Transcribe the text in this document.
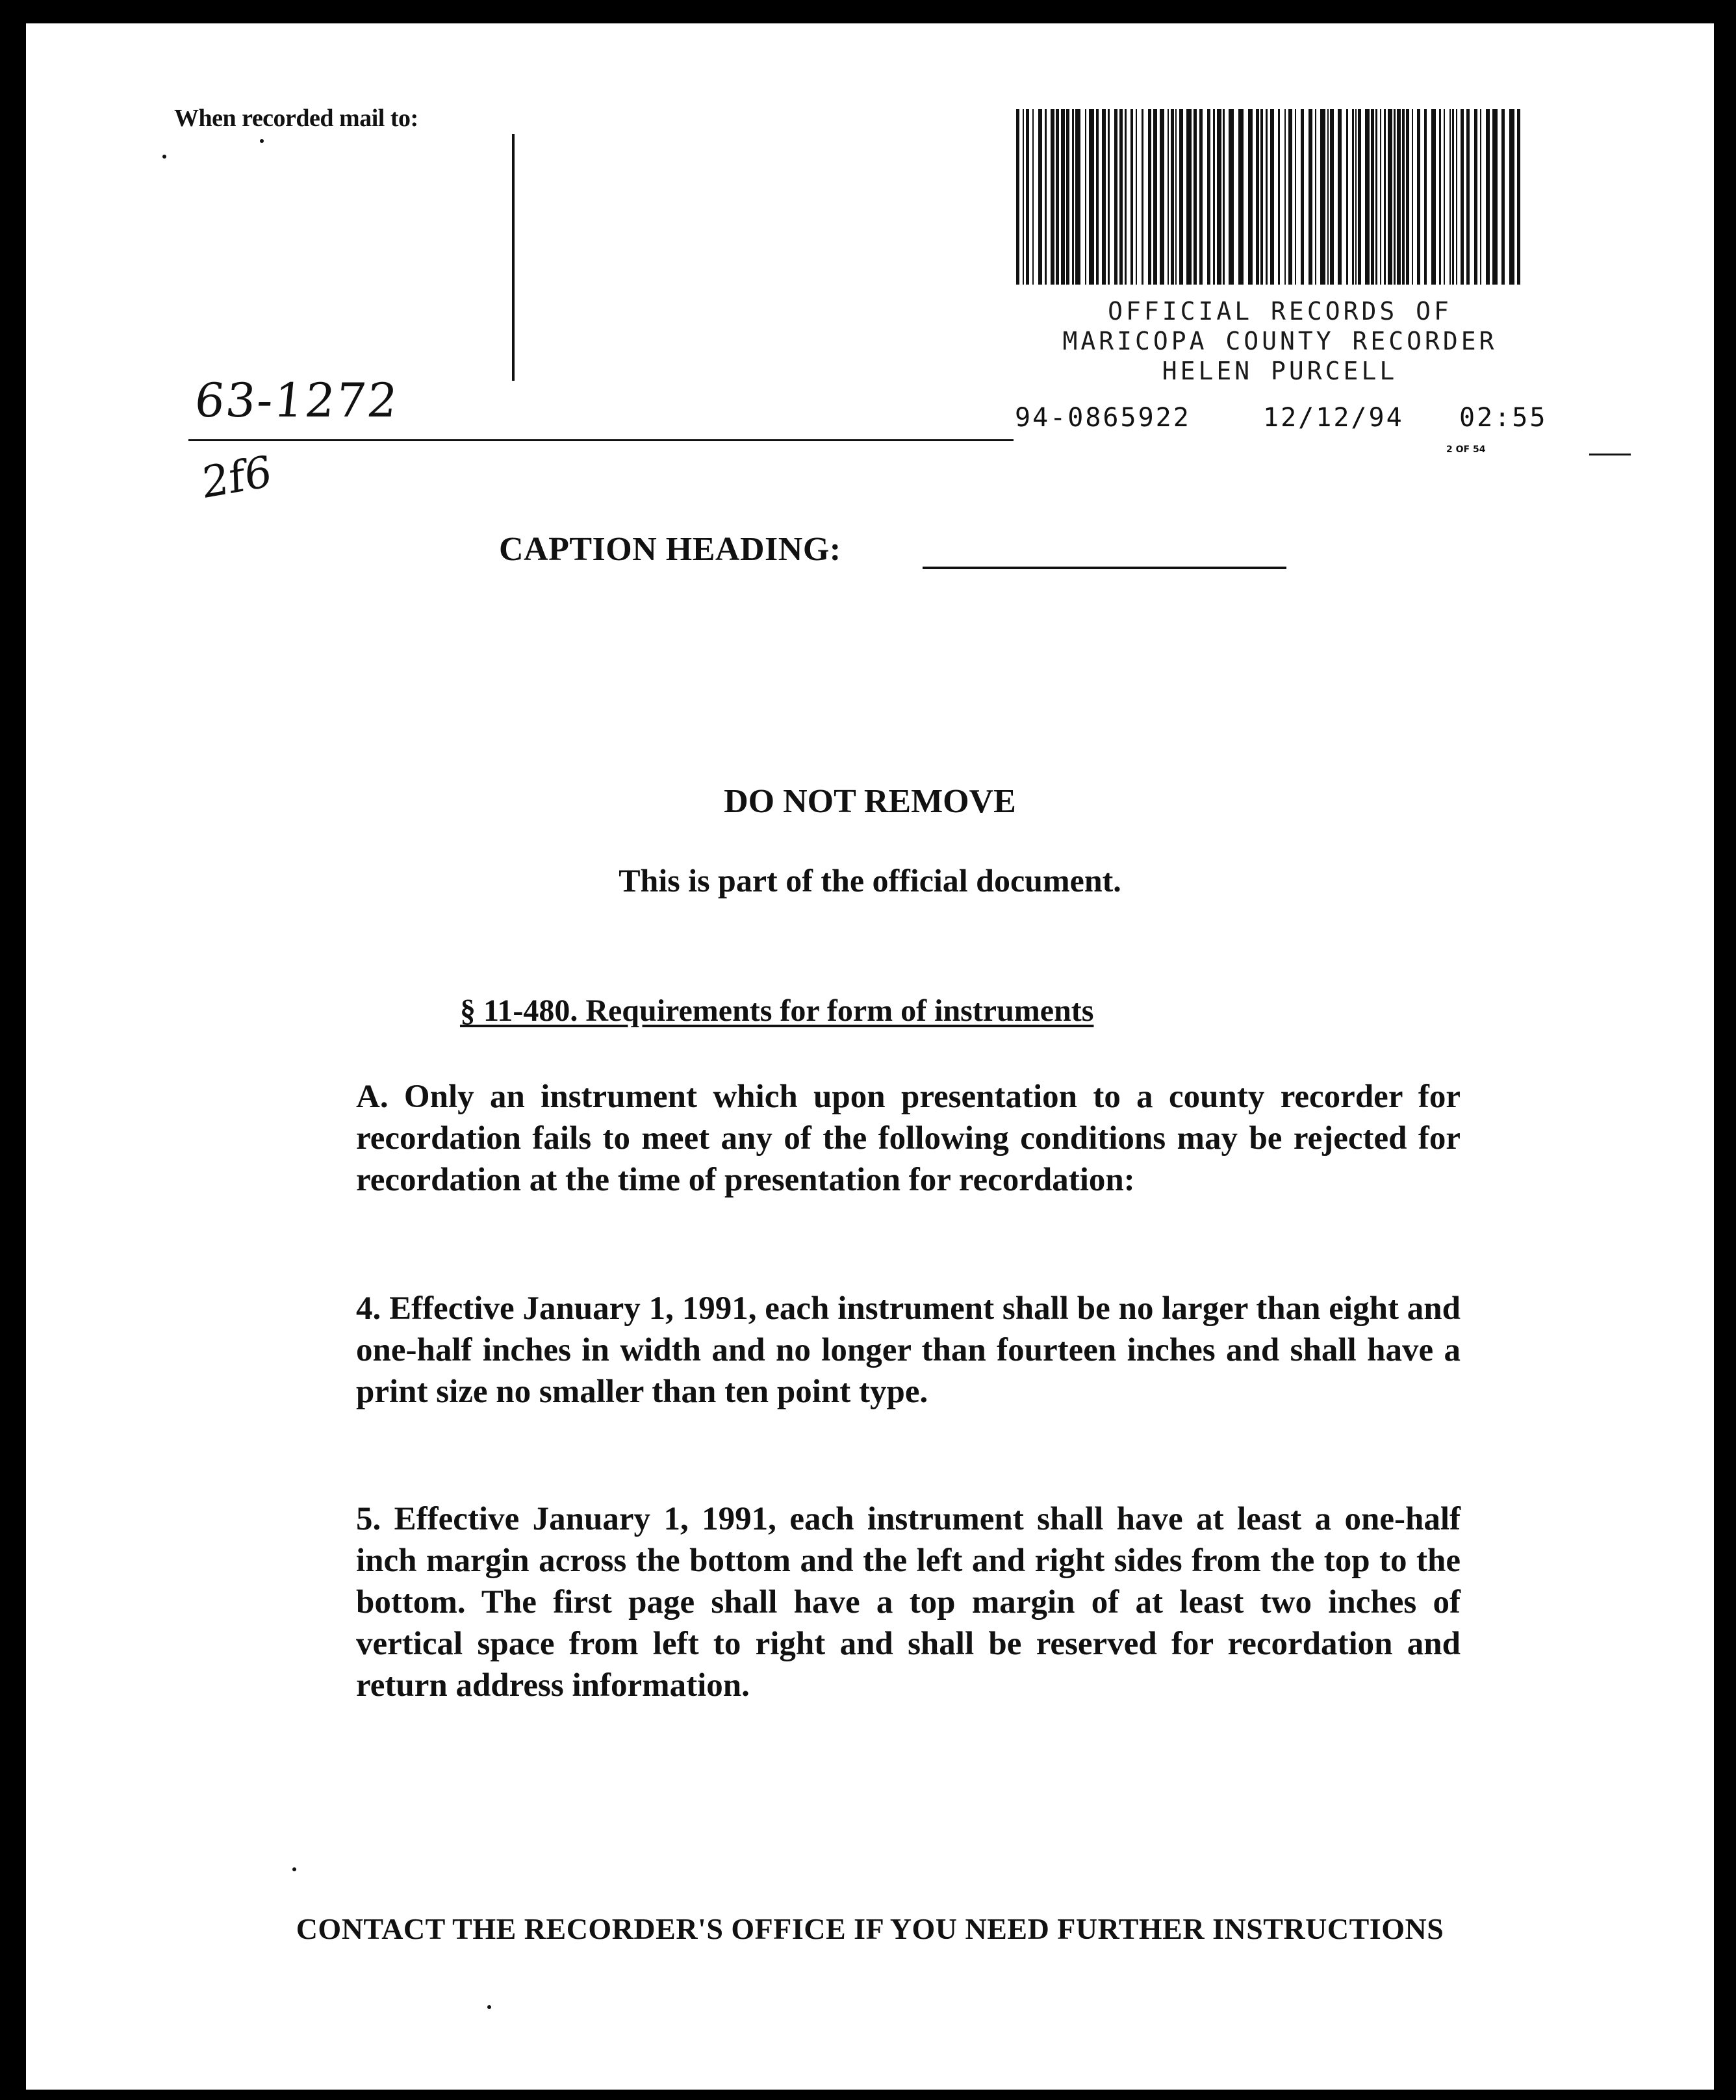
When recorded mail to:
OFFICIAL RECORDS OF
MARICOPA COUNTY RECORDER
HELEN PURCELL
94-0865922	12/12/94 02:55
2 OF 54
63-1272
2f6
CAPTION HEADING:
DO NOT REMOVE
This is part of the official document.
§ 11-480. Requirements for form of instruments
A. Only an instrument which upon presentation to a county recorder for recordation fails to meet any of the following conditions may be rejected for recordation at the time of presentation for recordation:
4. Effective January 1, 1991, each instrument shall be no larger than eight and one-half inches in width and no longer than fourteen inches and shall have a print size no smaller than ten point type.
5. Effective January 1, 1991, each instrument shall have at least a one-half inch margin across the bottom and the left and right sides from the top to the bottom. The first page shall have a top margin of at least two inches of vertical space from left to right and shall be reserved for recordation and return address information.
CONTACT THE RECORDER'S OFFICE IF YOU NEED FURTHER INSTRUCTIONS
